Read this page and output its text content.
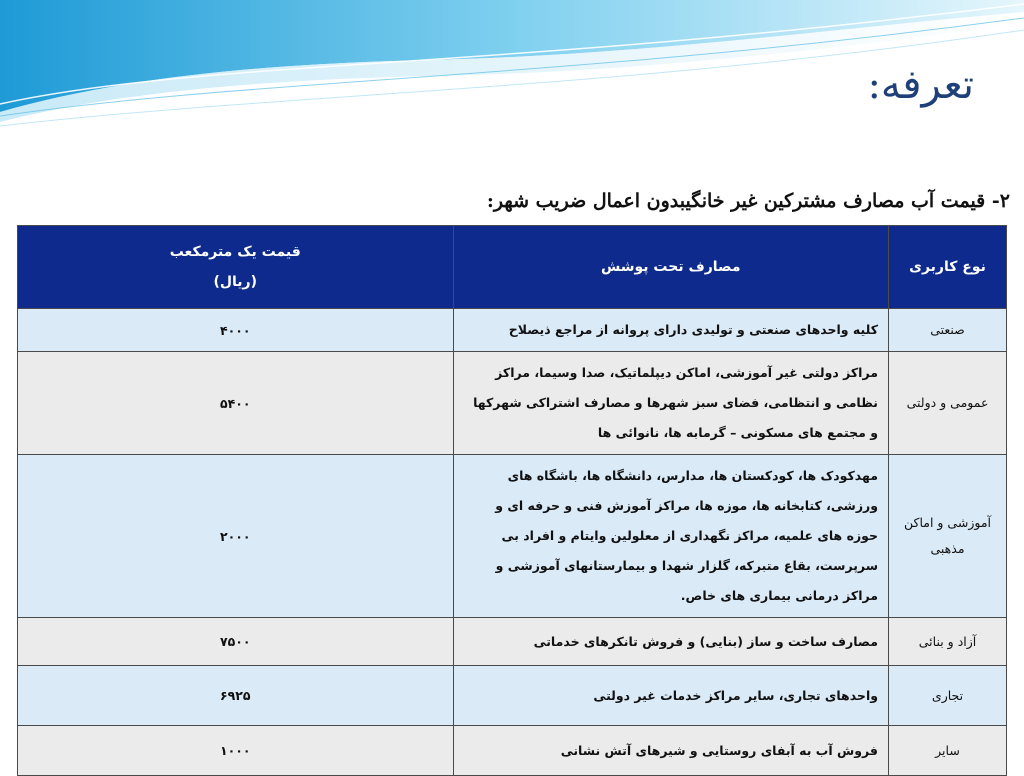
تعرفه:
۲- قیمت آب مصارف مشترکین غیر خانگیبدون اعمال ضریب شهر:
نوع کاربری	مصارف تحت پوشش	قیمت یک مترمکعب
(ریال)

صنعتی	کلیه واحدهای صنعتی و تولیدی دارای پروانه از مراجع ذیصلاح	۴۰۰۰
عمومی و دولتی	مراکز دولتی غیر آموزشی، اماکن دیپلماتیک، صدا وسیما، مراکز نظامی و انتظامی، فضای سبز شهرها و مصارف اشتراکی شهرکها و مجتمع های مسکونی – گرمابه ها، نانوائی ها	۵۴۰۰
آموزشی و اماکن مذهبی	مهدکودک ها، کودکستان ها، مدارس، دانشگاه ها، باشگاه های ورزشی، کتابخانه ها، موزه ها، مراکز آموزش فنی و حرفه ای و حوزه های علمیه، مراکز نگهداری از معلولین وایتام و افراد بی سرپرست، بقاع متبرکه، گلزار شهدا و بیمارستانهای آموزشی و مراکز درمانی بیماری های خاص.	۲۰۰۰
آزاد و بنائی	مصارف ساخت و ساز (بنایی) و فروش تانکرهای خدماتی	۷۵۰۰
تجاری	واحدهای تجاری، سایر مراکز خدمات غیر دولتی	۶۹۲۵
سایر	فروش آب به آبفای روستایی و شیرهای آتش نشانی	۱۰۰۰
